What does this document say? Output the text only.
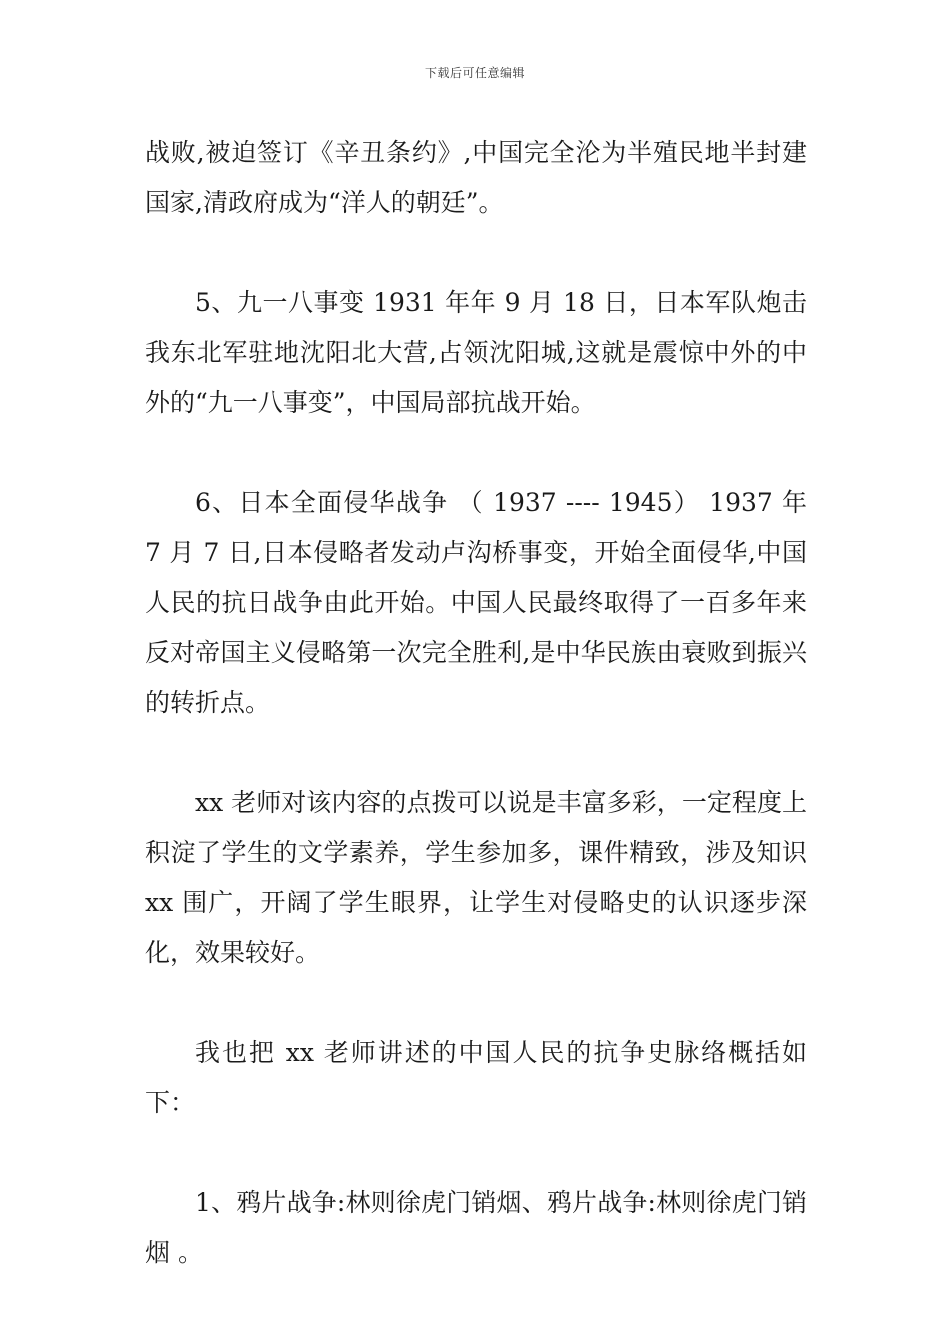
下载后可任意编辑

战败,被迫签订《辛丑条约》,中国完全沦为半殖民地半封建国家,清政府成为“洋人的朝廷”。

5、九一八事变 1931 年年 9 月 18 日，日本军队炮击我东北军驻地沈阳北大营,占领沈阳城,这就是震惊中外的中外的“九一八事变”，中国局部抗战开始。

6、日本全面侵华战争 （ 1937 ---- 1945） 1937 年 7 月 7 日,日本侵略者发动卢沟桥事变，开始全面侵华,中国人民的抗日战争由此开始。中国人民最终取得了一百多年来反对帝国主义侵略第一次完全胜利,是中华民族由衰败到振兴的转折点。

xx 老师对该内容的点拨可以说是丰富多彩，一定程度上积淀了学生的文学素养，学生参加多，课件精致，涉及知识 xx 围广，开阔了学生眼界，让学生对侵略史的认识逐步深化，效果较好。

我也把 xx 老师讲述的中国人民的抗争史脉络概括如下：

1、鸦片战争:林则徐虎门销烟、鸦片战争:林则徐虎门销烟 。
